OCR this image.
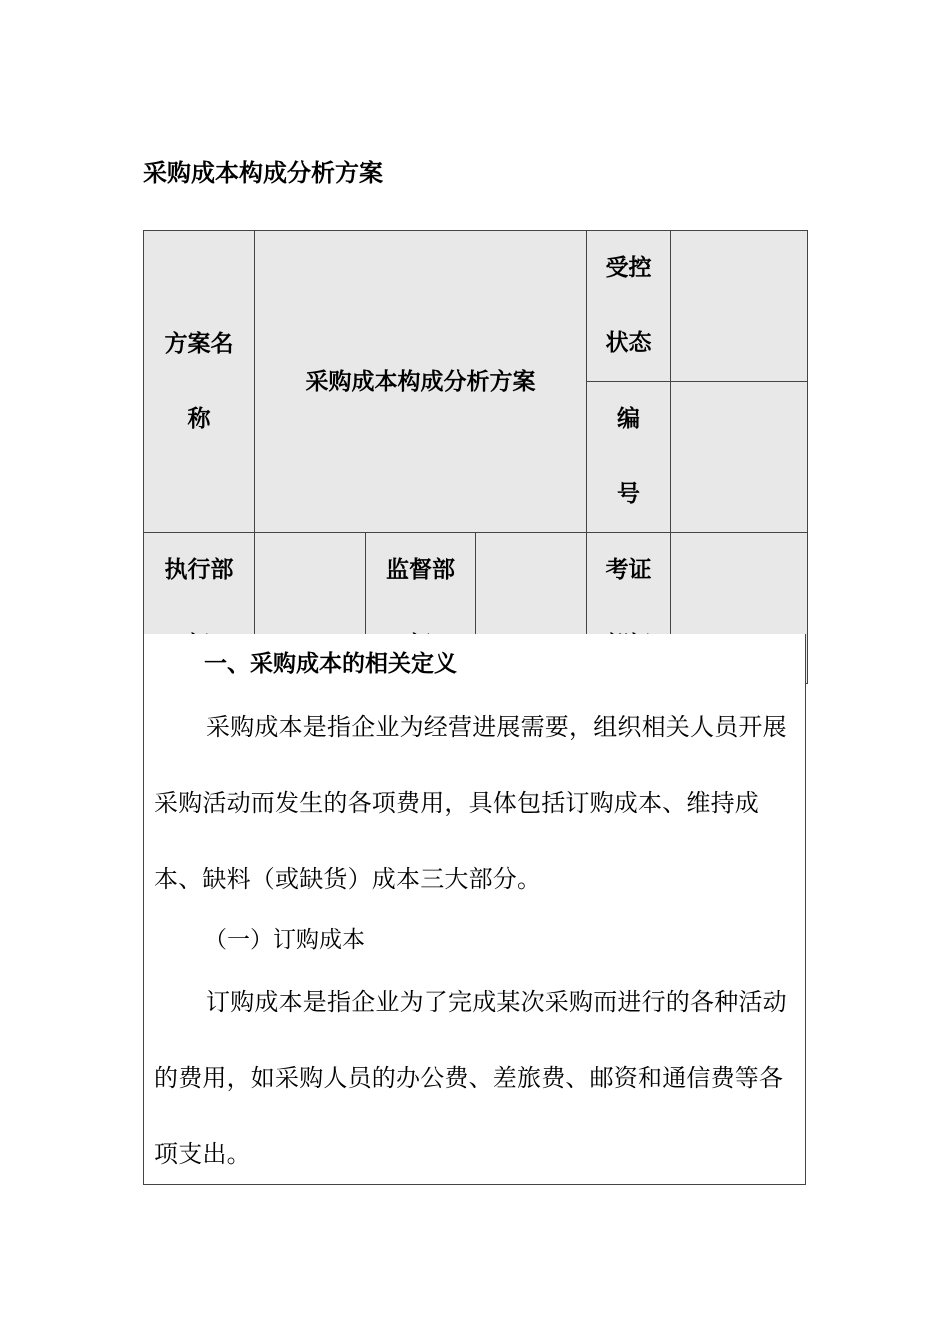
采购成本构成分析方案
方案名称	采购成本构成分析方案			受控状态	
				编号	
执行部		监督部		考证	
一、采购成本的相关定义

采购成本是指企业为经营进展需要，组织相关人员开展采购活动而发生的各项费用，具体包括订购成本、维持成本、缺料（或缺货）成本三大部分。

（一）订购成本

订购成本是指企业为了完成某次采购而进行的各种活动的费用，如采购人员的办公费、差旅费、邮资和通信费等各项支出。
